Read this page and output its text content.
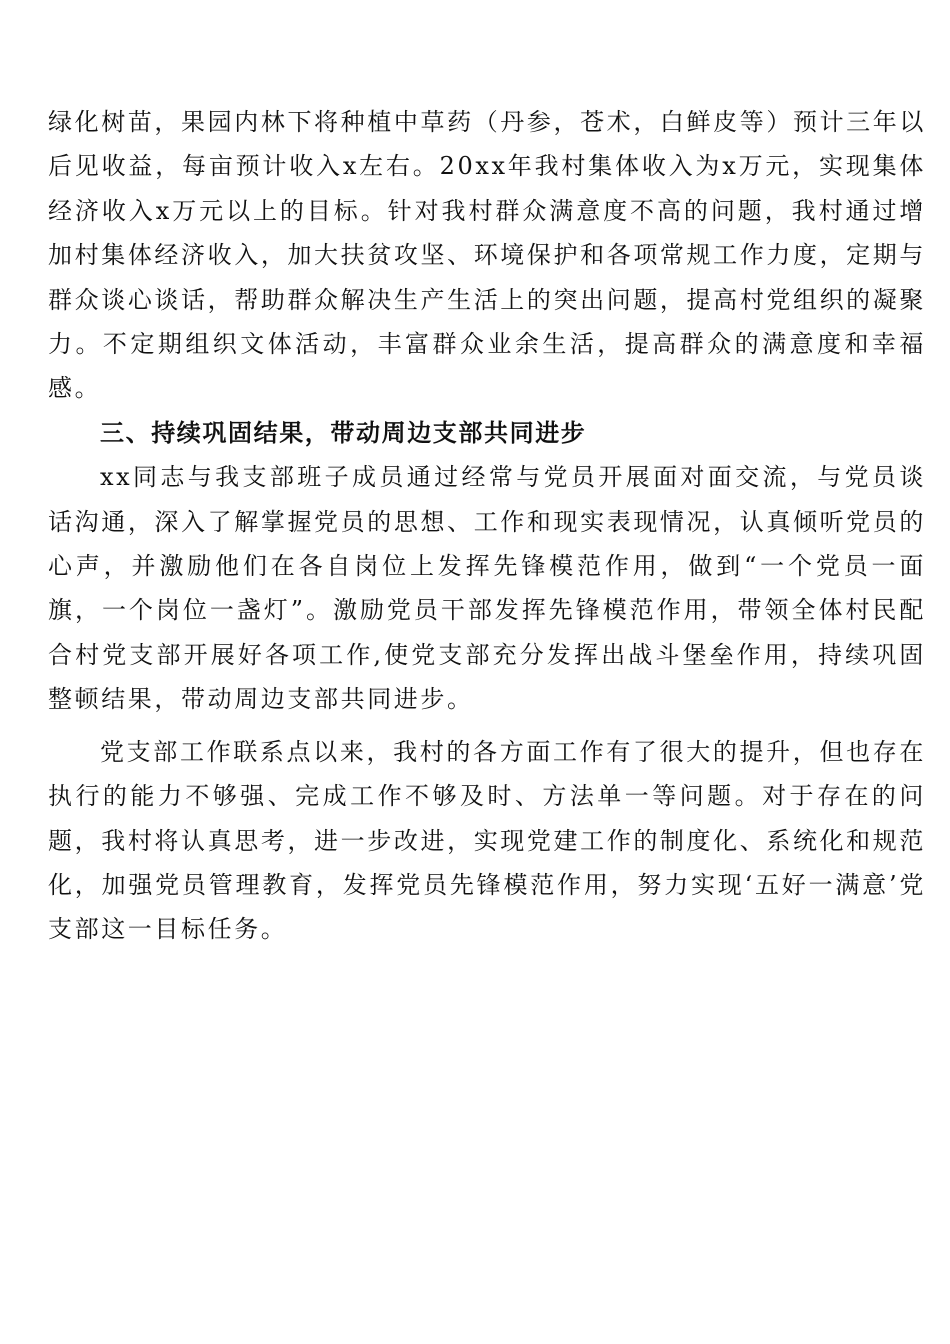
绿化树苗，果园内林下将种植中草药（丹参，苍术，白鲜皮等）预计三年以后见收益，每亩预计收入x左右。20xx年我村集体收入为x万元，实现集体经济收入x万元以上的目标。针对我村群众满意度不高的问题，我村通过增加村集体经济收入，加大扶贫攻坚、环境保护和各项常规工作力度，定期与群众谈心谈话，帮助群众解决生产生活上的突出问题，提高村党组织的凝聚力。不定期组织文体活动，丰富群众业余生活，提高群众的满意度和幸福感。

三、持续巩固结果，带动周边支部共同进步

xx同志与我支部班子成员通过经常与党员开展面对面交流，与党员谈话沟通，深入了解掌握党员的思想、工作和现实表现情况，认真倾听党员的心声，并激励他们在各自岗位上发挥先锋模范作用，做到“一个党员一面旗，一个岗位一盏灯”。激励党员干部发挥先锋模范作用，带领全体村民配合村党支部开展好各项工作,使党支部充分发挥出战斗堡垒作用，持续巩固整顿结果，带动周边支部共同进步。

党支部工作联系点以来，我村的各方面工作有了很大的提升，但也存在执行的能力不够强、完成工作不够及时、方法单一等问题。对于存在的问题，我村将认真思考，进一步改进，实现党建工作的制度化、系统化和规范化，加强党员管理教育，发挥党员先锋模范作用，努力实现‘五好一满意’党支部这一目标任务。
